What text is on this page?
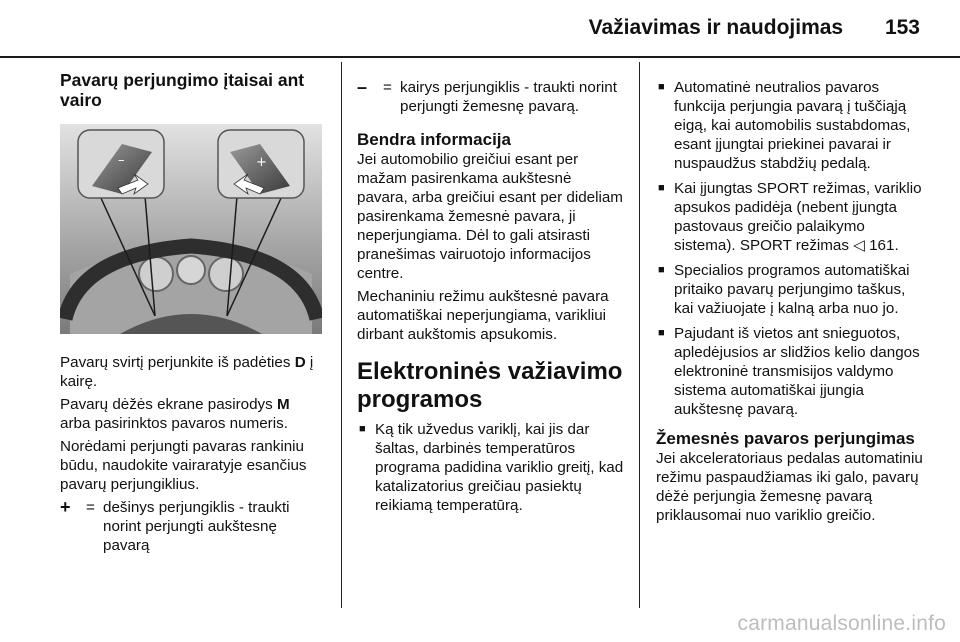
Važiavimas ir naudojimas 153
Pavarų perjungimo įtaisai ant vairo
–	+

Pavarų svirtį perjunkite iš padėties D į kairę.

Pavarų dėžės ekrane pasirodys M arba pasirinktos pavaros numeris.

Norėdami perjungti pavaras rankiniu būdu, naudokite vairaratyje esančius pavarų perjungiklius.

+	= dešinys perjungiklis - traukti norint perjungti aukštesnę pavarą
–	= kairys perjungiklis - traukti norint perjungti žemesnę pavarą.
Bendra informacija

Jei automobilio greičiui esant per mažam pasirenkama aukštesnė pavara, arba greičiui esant per dideliam pasirenkama žemesnė pavara, ji neperjungiama. Dėl to gali atsirasti pranešimas vairuotojo informacijos centre.

Mechaniniu režimu aukštesnė pavara automatiškai neperjungiama, varikliui dirbant aukštomis apsukomis.

Elektroninės važiavimo programos
■ Ką tik užvedus variklį, kai jis dar šaltas, darbinės temperatūros programa padidina variklio greitį, kad katalizatorius greičiau pasiektų reikiamą temperatūrą.
■ Automatinė neutralios pavaros funkcija perjungia pavarą į tuščiąją eigą, kai automobilis sustabdomas, esant įjungtai priekinei pavarai ir nuspaudžus stabdžių pedalą.
■ Kai įjungtas SPORT režimas, variklio apsukos padidėja (nebent įjungta pastovaus greičio palaikymo sistema). SPORT režimas ◁ 161.
■ Specialios programos automatiškai pritaiko pavarų perjungimo taškus, kai važiuojate į kalną arba nuo jo.
■ Pajudant iš vietos ant snieguotos, apledėjusios ar slidžios kelio dangos elektroninė transmisijos valdymo sistema automatiškai įjungia aukštesnę pavarą.
Žemesnės pavaros perjungimas

Jei akceleratoriaus pedalas automatiniu režimu paspaudžiamas iki galo, pavarų dėžė perjungia žemesnę pavarą priklausomai nuo variklio greičio.

carmanualsonline.info
